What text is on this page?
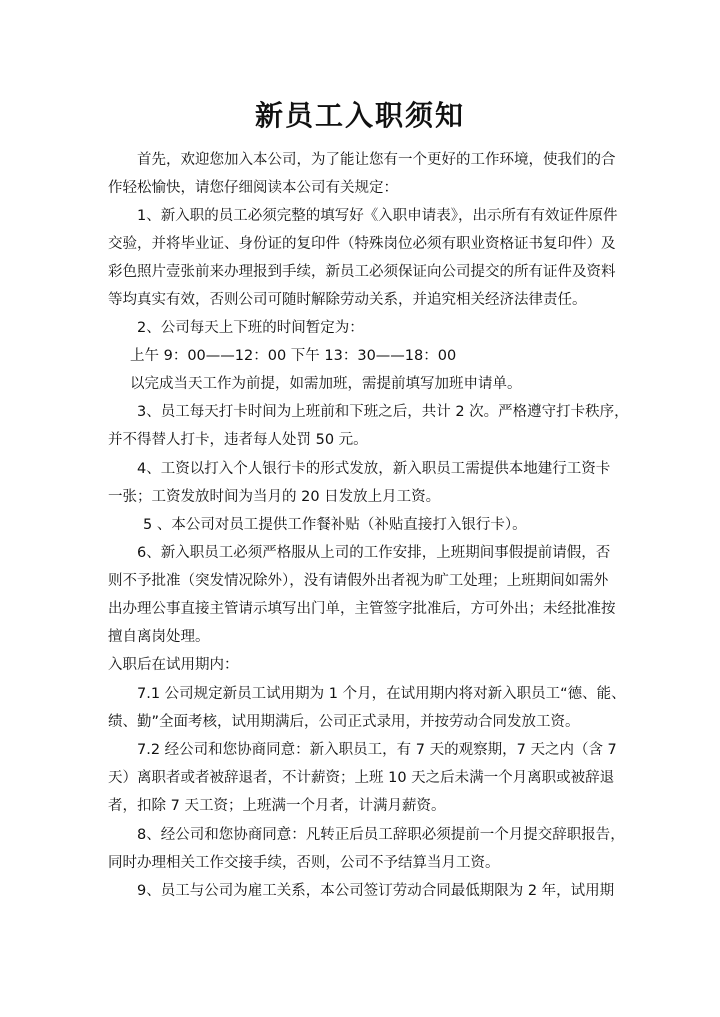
新员工入职须知
首先，欢迎您加入本公司，为了能让您有一个更好的工作环境，使我们的合
作轻松愉快，请您仔细阅读本公司有关规定：
1、新入职的员工必须完整的填写好《入职申请表》，出示所有有效证件原件
交验，并将毕业证、身份证的复印件（特殊岗位必须有职业资格证书复印件）及
彩色照片壹张前来办理报到手续，新员工必须保证向公司提交的所有证件及资料
等均真实有效，否则公司可随时解除劳动关系，并追究相关经济法律责任。
2、公司每天上下班的时间暂定为：
上午 9：00——12：00 下午 13：30——18：00
以完成当天工作为前提，如需加班，需提前填写加班申请单。
3、员工每天打卡时间为上班前和下班之后，共计 2 次。严格遵守打卡秩序，
并不得替人打卡，违者每人处罚 50 元。
4、工资以打入个人银行卡的形式发放，新入职员工需提供本地建行工资卡
一张；工资发放时间为当月的 20 日发放上月工资。
5 、本公司对员工提供工作餐补贴（补贴直接打入银行卡）。
6、新入职员工必须严格服从上司的工作安排，上班期间事假提前请假，否
则不予批准（突发情况除外），没有请假外出者视为旷工处理；上班期间如需外
出办理公事直接主管请示填写出门单，主管签字批准后，方可外出；未经批准按
擅自离岗处理。
入职后在试用期内：
7.1 公司规定新员工试用期为 1 个月，在试用期内将对新入职员工“德、能、
绩、勤”全面考核，试用期满后，公司正式录用，并按劳动合同发放工资。
7.2 经公司和您协商同意：新入职员工，有 7 天的观察期，7 天之内（含 7
天）离职者或者被辞退者，不计薪资；上班 10 天之后未满一个月离职或被辞退
者，扣除 7 天工资；上班满一个月者，计满月薪资。
8、经公司和您协商同意：凡转正后员工辞职必须提前一个月提交辞职报告，
同时办理相关工作交接手续，否则，公司不予结算当月工资。
9、员工与公司为雇工关系，本公司签订劳动合同最低期限为 2 年，试用期
